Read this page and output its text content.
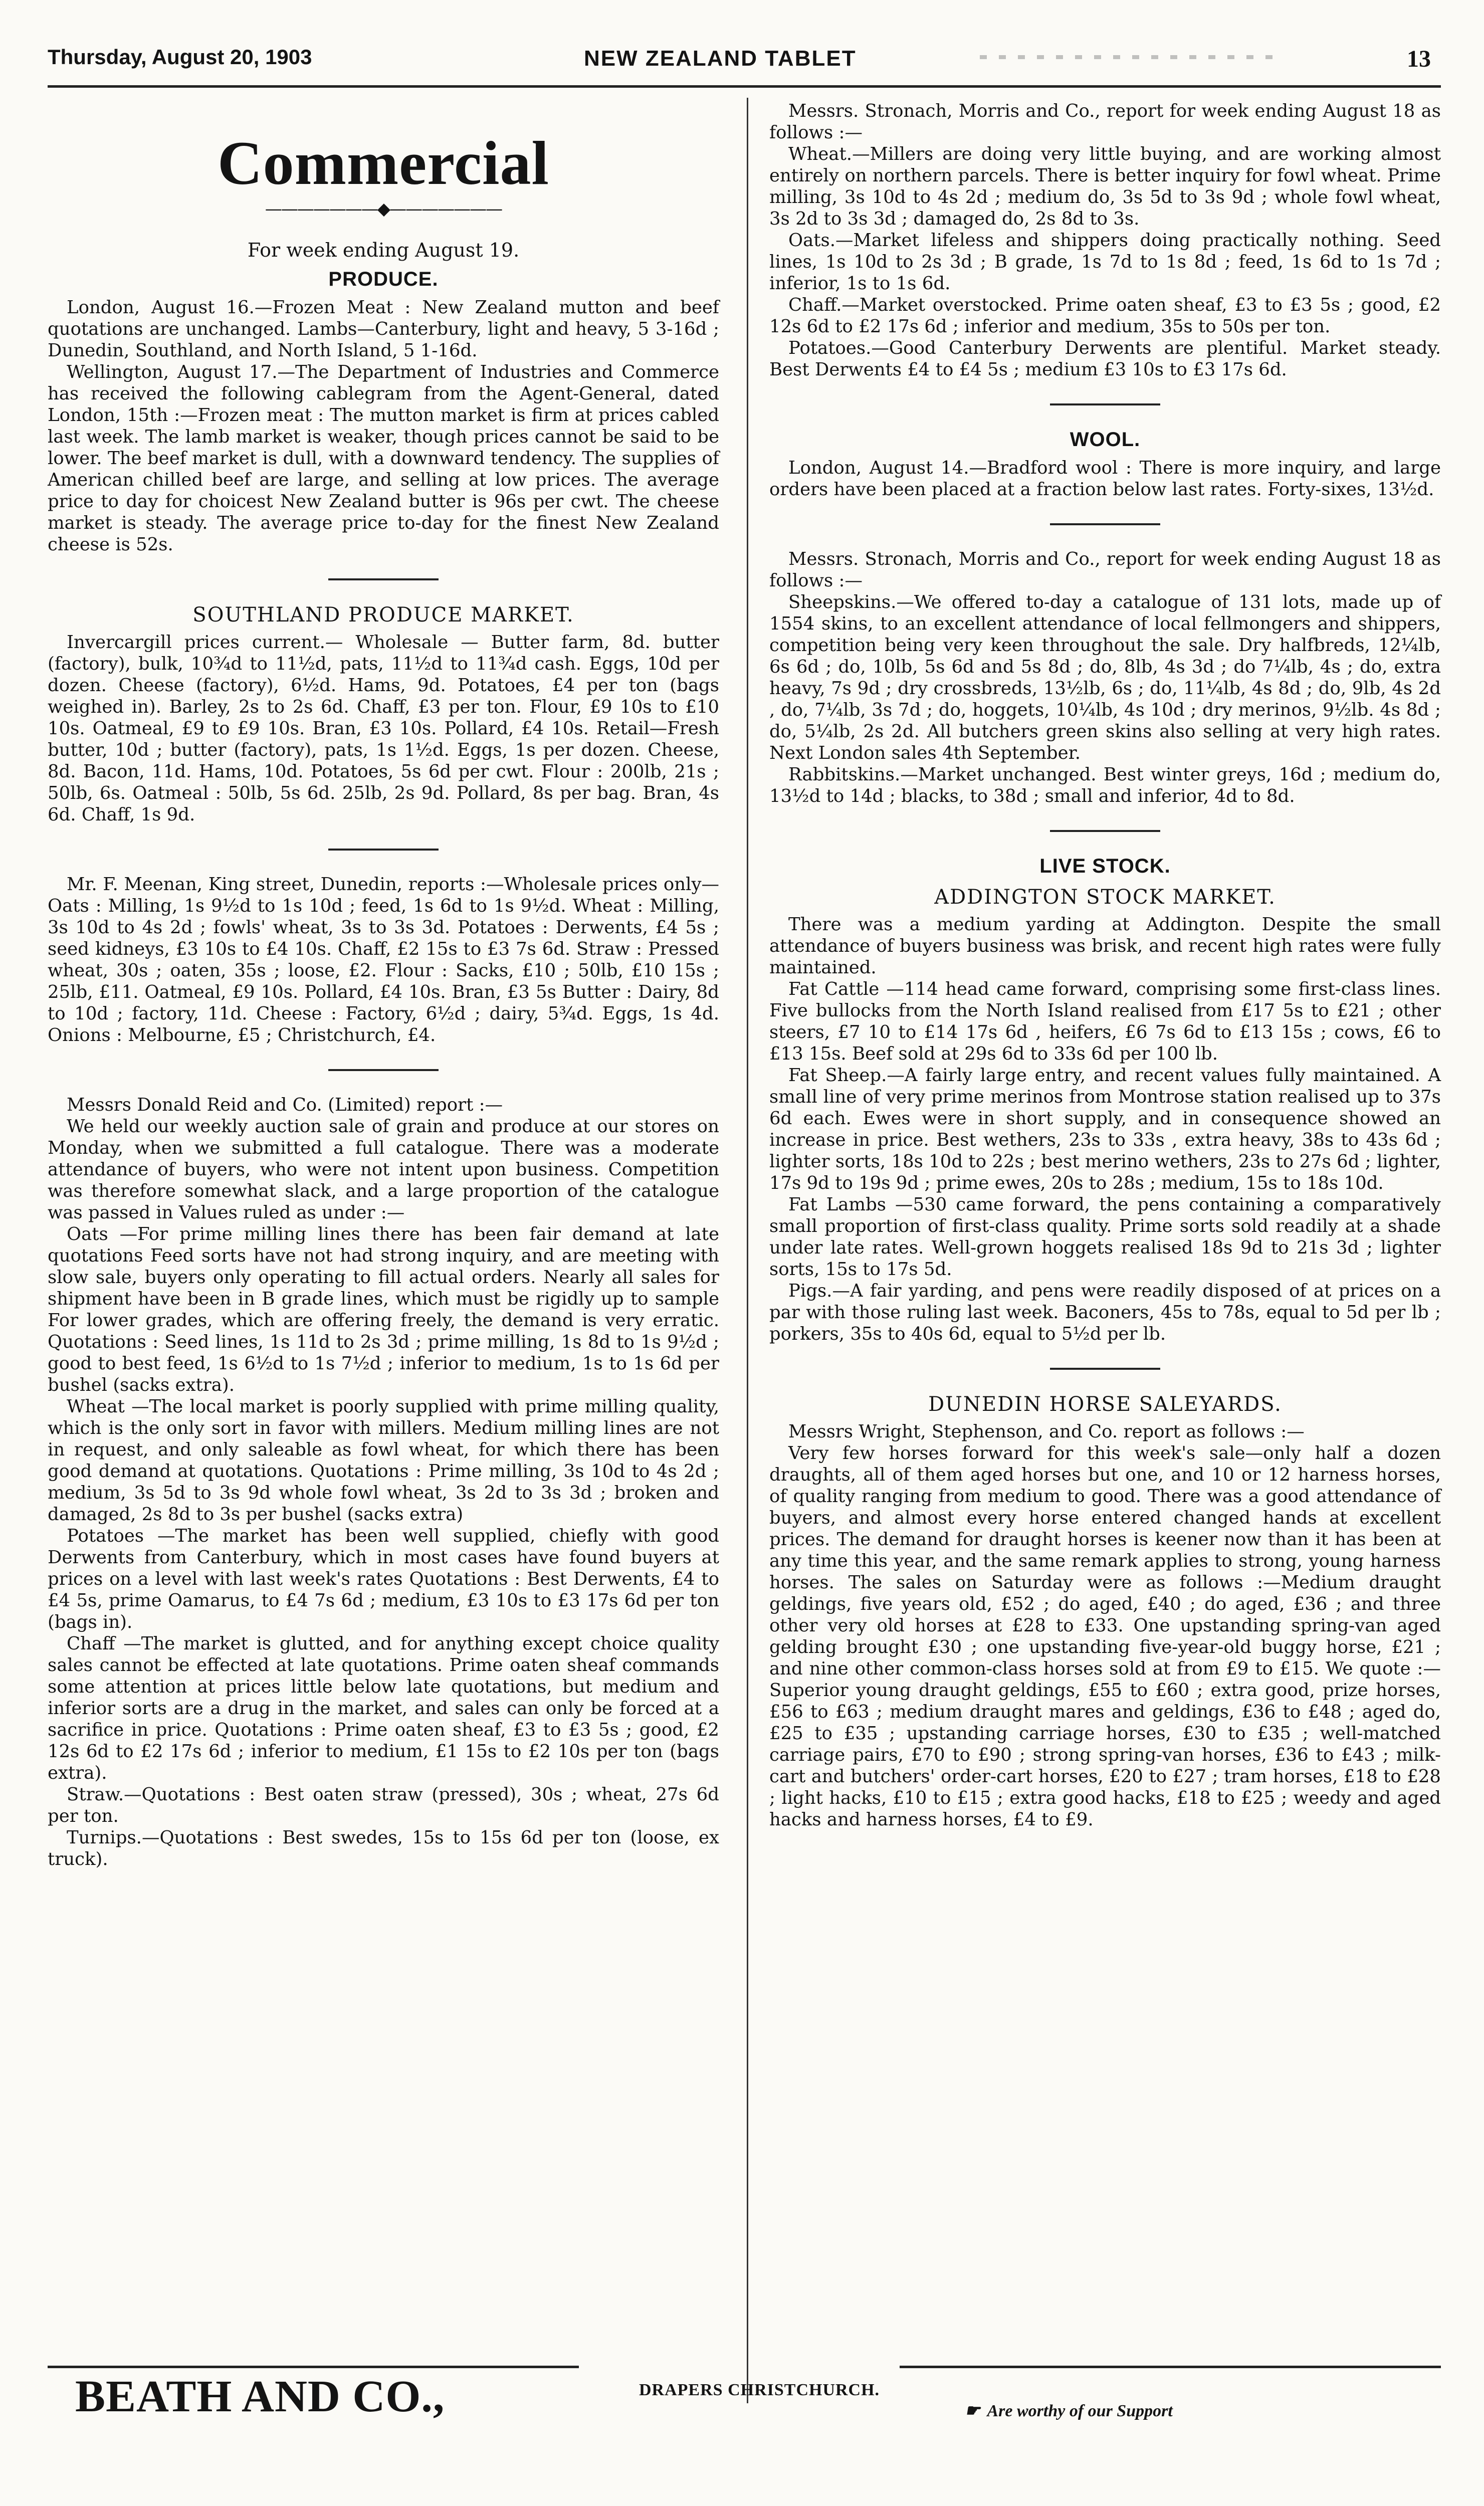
Thursday, August 20, 1903	NEW ZEALAND TABLET	13
Commercial
———————◆———————
For week ending August 19.
PRODUCE.

London, August 16.—Frozen Meat : New Zealand mutton and beef quotations are unchanged. Lambs—Canterbury, light and heavy, 5 3-16d ; Dunedin, Southland, and North Island, 5 1-16d.

Wellington, August 17.—The Department of Industries and Commerce has received the following cablegram from the Agent-General, dated London, 15th :—Frozen meat : The mutton market is firm at prices cabled last week. The lamb market is weaker, though prices cannot be said to be lower. The beef market is dull, with a downward tendency. The supplies of American chilled beef are large, and selling at low prices. The average price to day for choicest New Zealand butter is 96s per cwt. The cheese market is steady. The average price to-day for the finest New Zealand cheese is 52s.

SOUTHLAND PRODUCE MARKET.

Invercargill prices current.— Wholesale — Butter farm, 8d. butter (factory), bulk, 10¾d to 11½d, pats, 11½d to 11¾d cash. Eggs, 10d per dozen. Cheese (factory), 6½d. Hams, 9d. Potatoes, £4 per ton (bags weighed in). Barley, 2s to 2s 6d. Chaff, £3 per ton. Flour, £9 10s to £10 10s. Oatmeal, £9 to £9 10s. Bran, £3 10s. Pollard, £4 10s. Retail—Fresh butter, 10d ; butter (factory), pats, 1s 1½d. Eggs, 1s per dozen. Cheese, 8d. Bacon, 11d. Hams, 10d. Potatoes, 5s 6d per cwt. Flour : 200lb, 21s ; 50lb, 6s. Oatmeal : 50lb, 5s 6d. 25lb, 2s 9d. Pollard, 8s per bag. Bran, 4s 6d. Chaff, 1s 9d.

Mr. F. Meenan, King street, Dunedin, reports :—Wholesale prices only—Oats : Milling, 1s 9½d to 1s 10d ; feed, 1s 6d to 1s 9½d. Wheat : Milling, 3s 10d to 4s 2d ; fowls' wheat, 3s to 3s 3d. Potatoes : Derwents, £4 5s ; seed kidneys, £3 10s to £4 10s. Chaff, £2 15s to £3 7s 6d. Straw : Pressed wheat, 30s ; oaten, 35s ; loose, £2. Flour : Sacks, £10 ; 50lb, £10 15s ; 25lb, £11. Oatmeal, £9 10s. Pollard, £4 10s. Bran, £3 5s Butter : Dairy, 8d to 10d ; factory, 11d. Cheese : Factory, 6½d ; dairy, 5¾d. Eggs, 1s 4d. Onions : Melbourne, £5 ; Christchurch, £4.

Messrs Donald Reid and Co. (Limited) report :—

We held our weekly auction sale of grain and produce at our stores on Monday, when we submitted a full catalogue. There was a moderate attendance of buyers, who were not intent upon business. Competition was therefore somewhat slack, and a large proportion of the catalogue was passed in Values ruled as under :—

Oats —For prime milling lines there has been fair demand at late quotations Feed sorts have not had strong inquiry, and are meeting with slow sale, buyers only operating to fill actual orders. Nearly all sales for shipment have been in B grade lines, which must be rigidly up to sample For lower grades, which are offering freely, the demand is very erratic. Quotations : Seed lines, 1s 11d to 2s 3d ; prime milling, 1s 8d to 1s 9½d ; good to best feed, 1s 6½d to 1s 7½d ; inferior to medium, 1s to 1s 6d per bushel (sacks extra).

Wheat —The local market is poorly supplied with prime milling quality, which is the only sort in favor with millers. Medium milling lines are not in request, and only saleable as fowl wheat, for which there has been good demand at quotations. Quotations : Prime milling, 3s 10d to 4s 2d ; medium, 3s 5d to 3s 9d whole fowl wheat, 3s 2d to 3s 3d ; broken and damaged, 2s 8d to 3s per bushel (sacks extra)

Potatoes —The market has been well supplied, chiefly with good Derwents from Canterbury, which in most cases have found buyers at prices on a level with last week's rates Quotations : Best Derwents, £4 to £4 5s, prime Oamarus, to £4 7s 6d ; medium, £3 10s to £3 17s 6d per ton (bags in).

Chaff —The market is glutted, and for anything except choice quality sales cannot be effected at late quotations. Prime oaten sheaf commands some attention at prices little below late quotations, but medium and inferior sorts are a drug in the market, and sales can only be forced at a sacrifice in price. Quotations : Prime oaten sheaf, £3 to £3 5s ; good, £2 12s 6d to £2 17s 6d ; inferior to medium, £1 15s to £2 10s per ton (bags extra).

Straw.—Quotations : Best oaten straw (pressed), 30s ; wheat, 27s 6d per ton.

Turnips.—Quotations : Best swedes, 15s to 15s 6d per ton (loose, ex truck).

Messrs. Stronach, Morris and Co., report for week ending August 18 as follows :—

Wheat.—Millers are doing very little buying, and are working almost entirely on northern parcels. There is better inquiry for fowl wheat. Prime milling, 3s 10d to 4s 2d ; medium do, 3s 5d to 3s 9d ; whole fowl wheat, 3s 2d to 3s 3d ; damaged do, 2s 8d to 3s.

Oats.—Market lifeless and shippers doing practically nothing. Seed lines, 1s 10d to 2s 3d ; B grade, 1s 7d to 1s 8d ; feed, 1s 6d to 1s 7d ; inferior, 1s to 1s 6d.

Chaff.—Market overstocked. Prime oaten sheaf, £3 to £3 5s ; good, £2 12s 6d to £2 17s 6d ; inferior and medium, 35s to 50s per ton.

Potatoes.—Good Canterbury Derwents are plentiful. Market steady. Best Derwents £4 to £4 5s ; medium £3 10s to £3 17s 6d.

WOOL.

London, August 14.—Bradford wool : There is more inquiry, and large orders have been placed at a fraction below last rates. Forty-sixes, 13½d.

Messrs. Stronach, Morris and Co., report for week ending August 18 as follows :—

Sheepskins.—We offered to-day a catalogue of 131 lots, made up of 1554 skins, to an excellent attendance of local fellmongers and shippers, competition being very keen throughout the sale. Dry halfbreds, 12¼lb, 6s 6d ; do, 10lb, 5s 6d and 5s 8d ; do, 8lb, 4s 3d ; do 7¼lb, 4s ; do, extra heavy, 7s 9d ; dry crossbreds, 13½lb, 6s ; do, 11¼lb, 4s 8d ; do, 9lb, 4s 2d , do, 7¼lb, 3s 7d ; do, hoggets, 10¼lb, 4s 10d ; dry merinos, 9½lb. 4s 8d ; do, 5¼lb, 2s 2d. All butchers green skins also selling at very high rates. Next London sales 4th September.

Rabbitskins.—Market unchanged. Best winter greys, 16d ; medium do, 13½d to 14d ; blacks, to 38d ; small and inferior, 4d to 8d.

LIVE STOCK.
ADDINGTON STOCK MARKET.

There was a medium yarding at Addington. Despite the small attendance of buyers business was brisk, and recent high rates were fully maintained.

Fat Cattle —114 head came forward, comprising some first-class lines. Five bullocks from the North Island realised from £17 5s to £21 ; other steers, £7 10 to £14 17s 6d , heifers, £6 7s 6d to £13 15s ; cows, £6 to £13 15s. Beef sold at 29s 6d to 33s 6d per 100 lb.

Fat Sheep.—A fairly large entry, and recent values fully maintained. A small line of very prime merinos from Montrose station realised up to 37s 6d each. Ewes were in short supply, and in consequence showed an increase in price. Best wethers, 23s to 33s , extra heavy, 38s to 43s 6d ; lighter sorts, 18s 10d to 22s ; best merino wethers, 23s to 27s 6d ; lighter, 17s 9d to 19s 9d ; prime ewes, 20s to 28s ; medium, 15s to 18s 10d.

Fat Lambs —530 came forward, the pens containing a comparatively small proportion of first-class quality. Prime sorts sold readily at a shade under late rates. Well-grown hoggets realised 18s 9d to 21s 3d ; lighter sorts, 15s to 17s 5d.

Pigs.—A fair yarding, and pens were readily disposed of at prices on a par with those ruling last week. Baconers, 45s to 78s, equal to 5d per lb ; porkers, 35s to 40s 6d, equal to 5½d per lb.

DUNEDIN HORSE SALEYARDS.

Messrs Wright, Stephenson, and Co. report as follows :—

Very few horses forward for this week's sale—only half a dozen draughts, all of them aged horses but one, and 10 or 12 harness horses, of quality ranging from medium to good. There was a good attendance of buyers, and almost every horse entered changed hands at excellent prices. The demand for draught horses is keener now than it has been at any time this year, and the same remark applies to strong, young harness horses. The sales on Saturday were as follows :—Medium draught geldings, five years old, £52 ; do aged, £40 ; do aged, £36 ; and three other very old horses at £28 to £33. One upstanding spring-van aged gelding brought £30 ; one upstanding five-year-old buggy horse, £21 ; and nine other common-class horses sold at from £9 to £15. We quote :—Superior young draught geldings, £55 to £60 ; extra good, prize horses, £56 to £63 ; medium draught mares and geldings, £36 to £48 ; aged do, £25 to £35 ; upstanding carriage horses, £30 to £35 ; well-matched carriage pairs, £70 to £90 ; strong spring-van horses, £36 to £43 ; milk-cart and butchers' order-cart horses, £20 to £27 ; tram horses, £18 to £28 ; light hacks, £10 to £15 ; extra good hacks, £18 to £25 ; weedy and aged hacks and harness horses, £4 to £9.

BEATH AND CO.,	DRAPERS CHRISTCHURCH.
☛ Are worthy of our Support
